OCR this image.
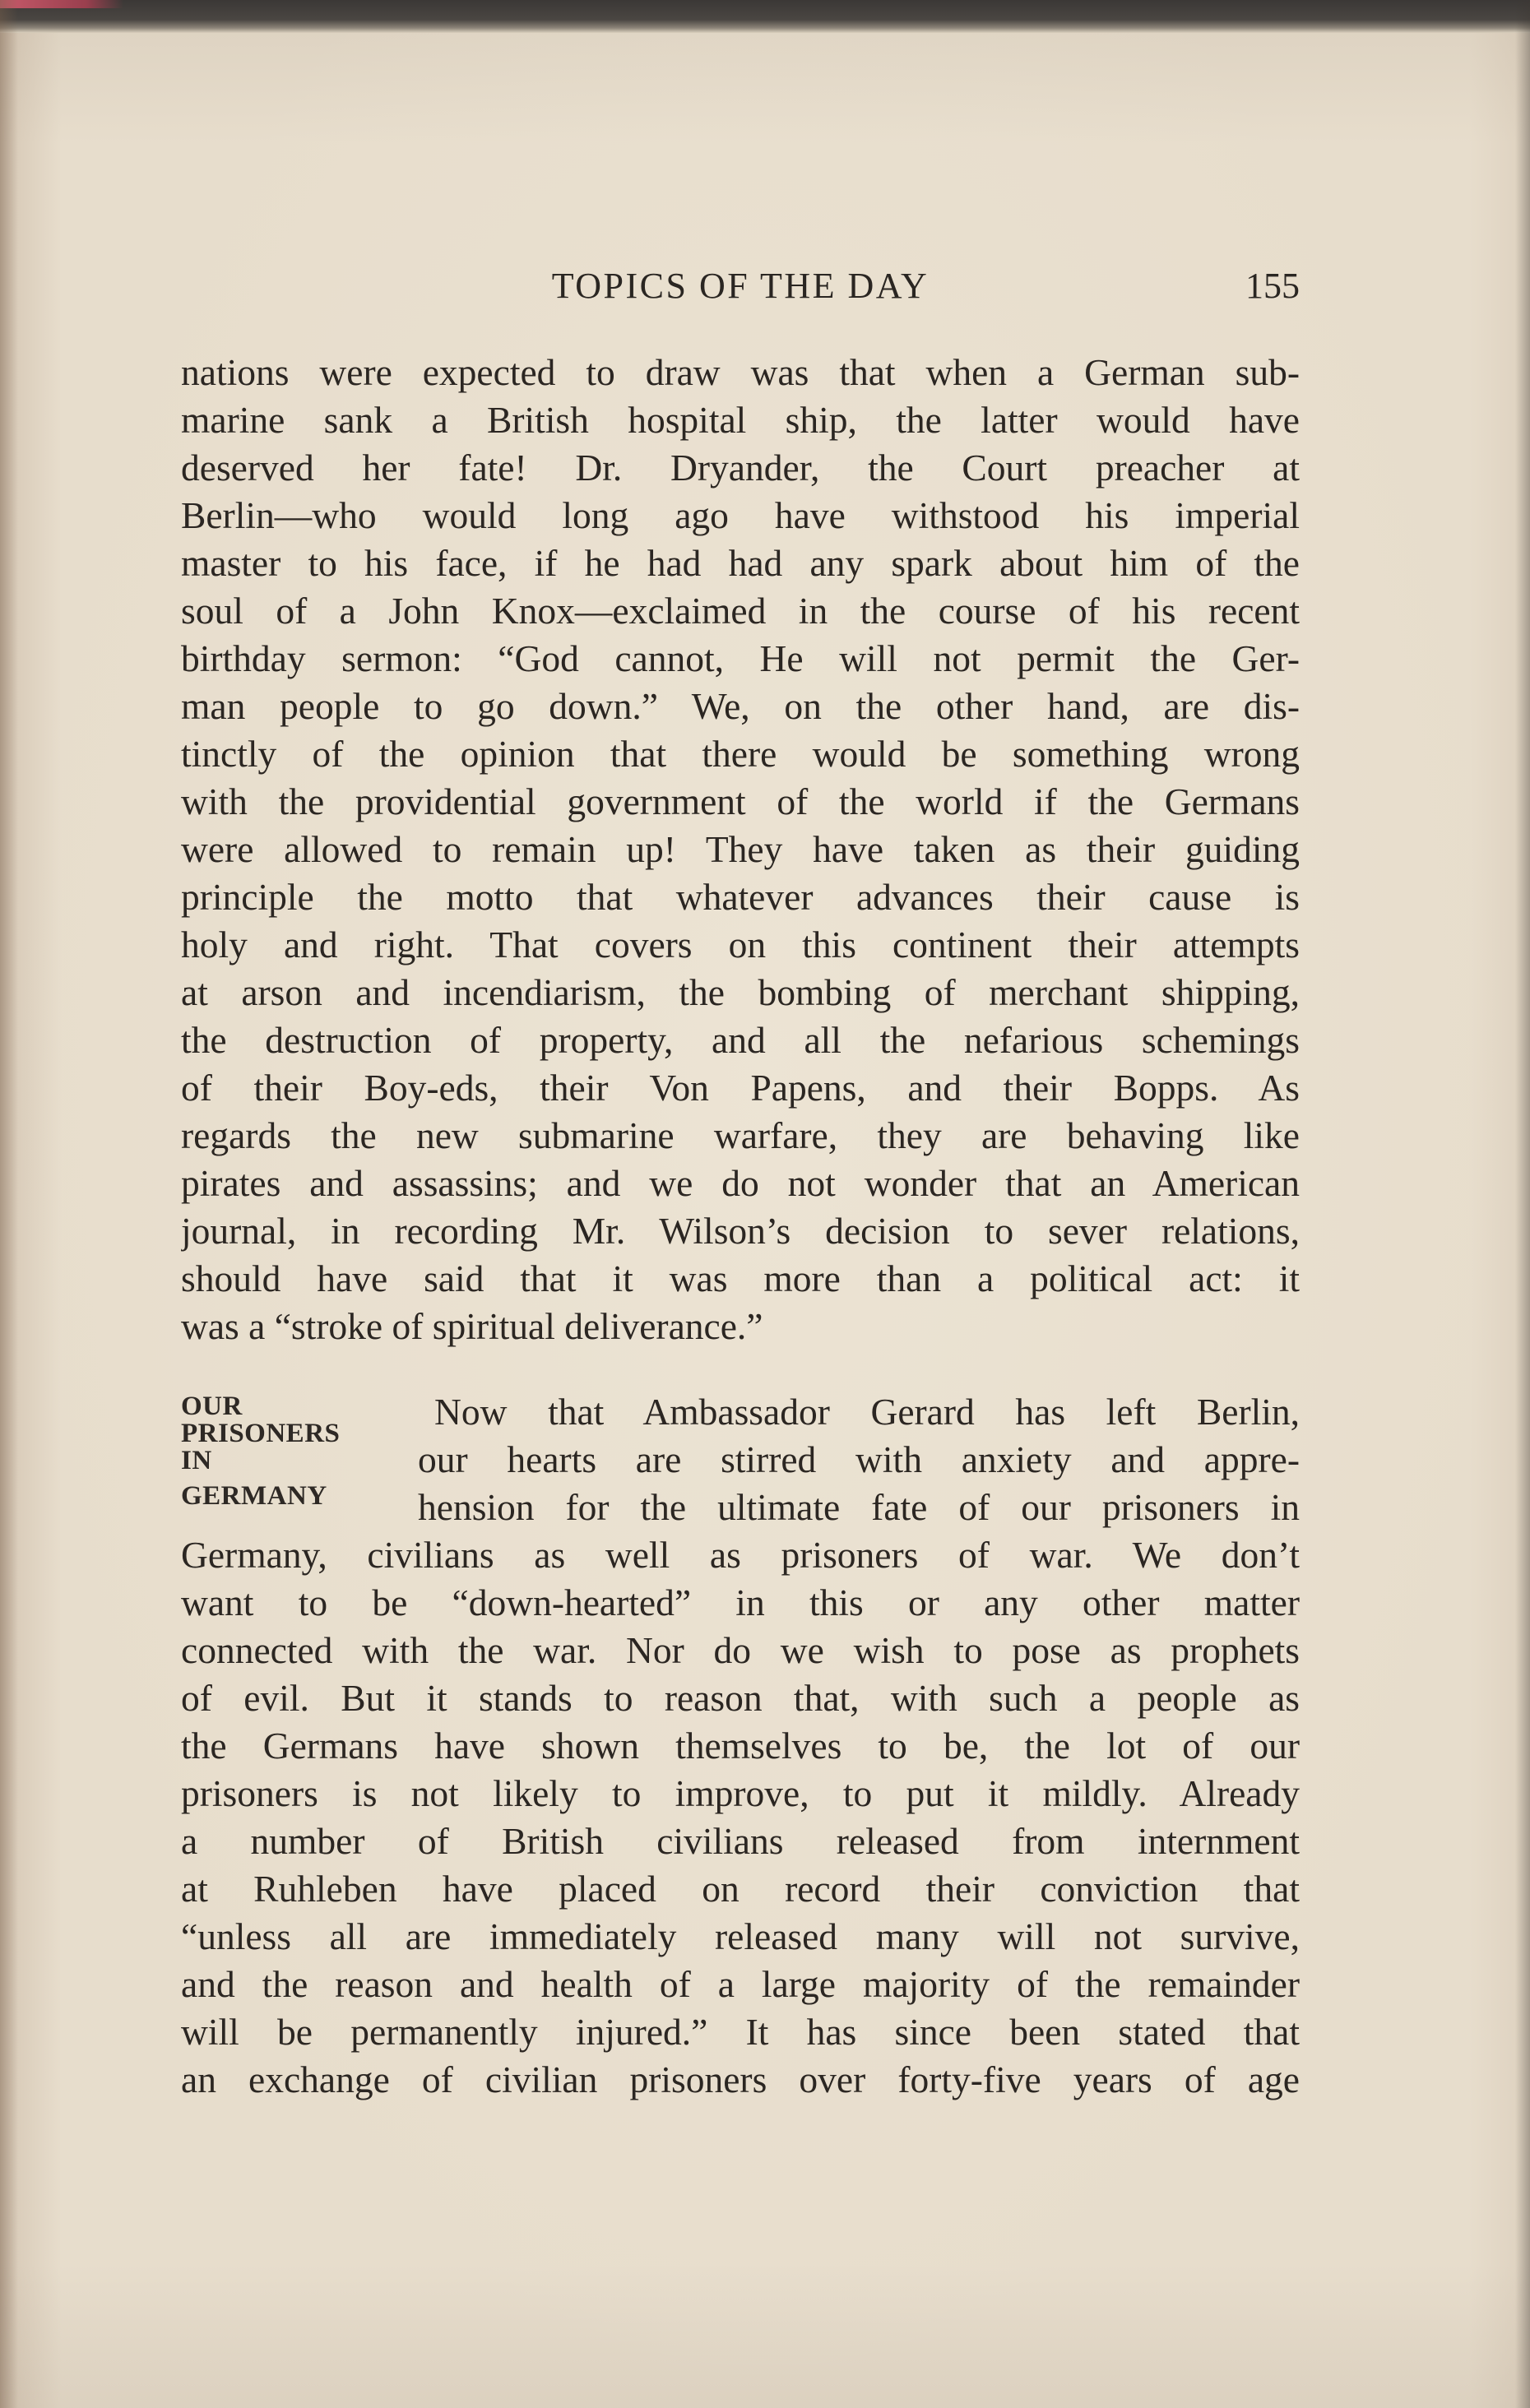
TOPICS OF THE DAY	155
nations were expected to draw was that when a German sub-
marine sank a British hospital ship, the latter would have
deserved her fate! Dr. Dryander, the Court preacher at
Berlin—who would long ago have withstood his imperial
master to his face, if he had had any spark about him of the
soul of a John Knox—exclaimed in the course of his recent
birthday sermon: “God cannot, He will not permit the Ger-
man people to go down.” We, on the other hand, are dis-
tinctly of the opinion that there would be something wrong
with the providential government of the world if the Germans
were allowed to remain up! They have taken as their guiding
principle the motto that whatever advances their cause is
holy and right. That covers on this continent their attempts
at arson and incendiarism, the bombing of merchant shipping,
the destruction of property, and all the nefarious schemings
of their Boy-eds, their Von Papens, and their Bopps. As
regards the new submarine warfare, they are behaving like
pirates and assassins; and we do not wonder that an American
journal, in recording Mr. Wilson’s decision to sever relations,
should have said that it was more than a political act: it
was a “stroke of spiritual deliverance.”
OUR
PRISONERS
IN
GERMANY
Now that Ambassador Gerard has left Berlin,
our hearts are stirred with anxiety and appre-
hension for the ultimate fate of our prisoners in
Germany, civilians as well as prisoners of war. We don’t
want to be “down-hearted” in this or any other matter
connected with the war. Nor do we wish to pose as prophets
of evil. But it stands to reason that, with such a people as
the Germans have shown themselves to be, the lot of our
prisoners is not likely to improve, to put it mildly. Already
a number of British civilians released from internment
at Ruhleben have placed on record their conviction that
“unless all are immediately released many will not survive,
and the reason and health of a large majority of the remainder
will be permanently injured.” It has since been stated that
an exchange of civilian prisoners over forty-five years of age
